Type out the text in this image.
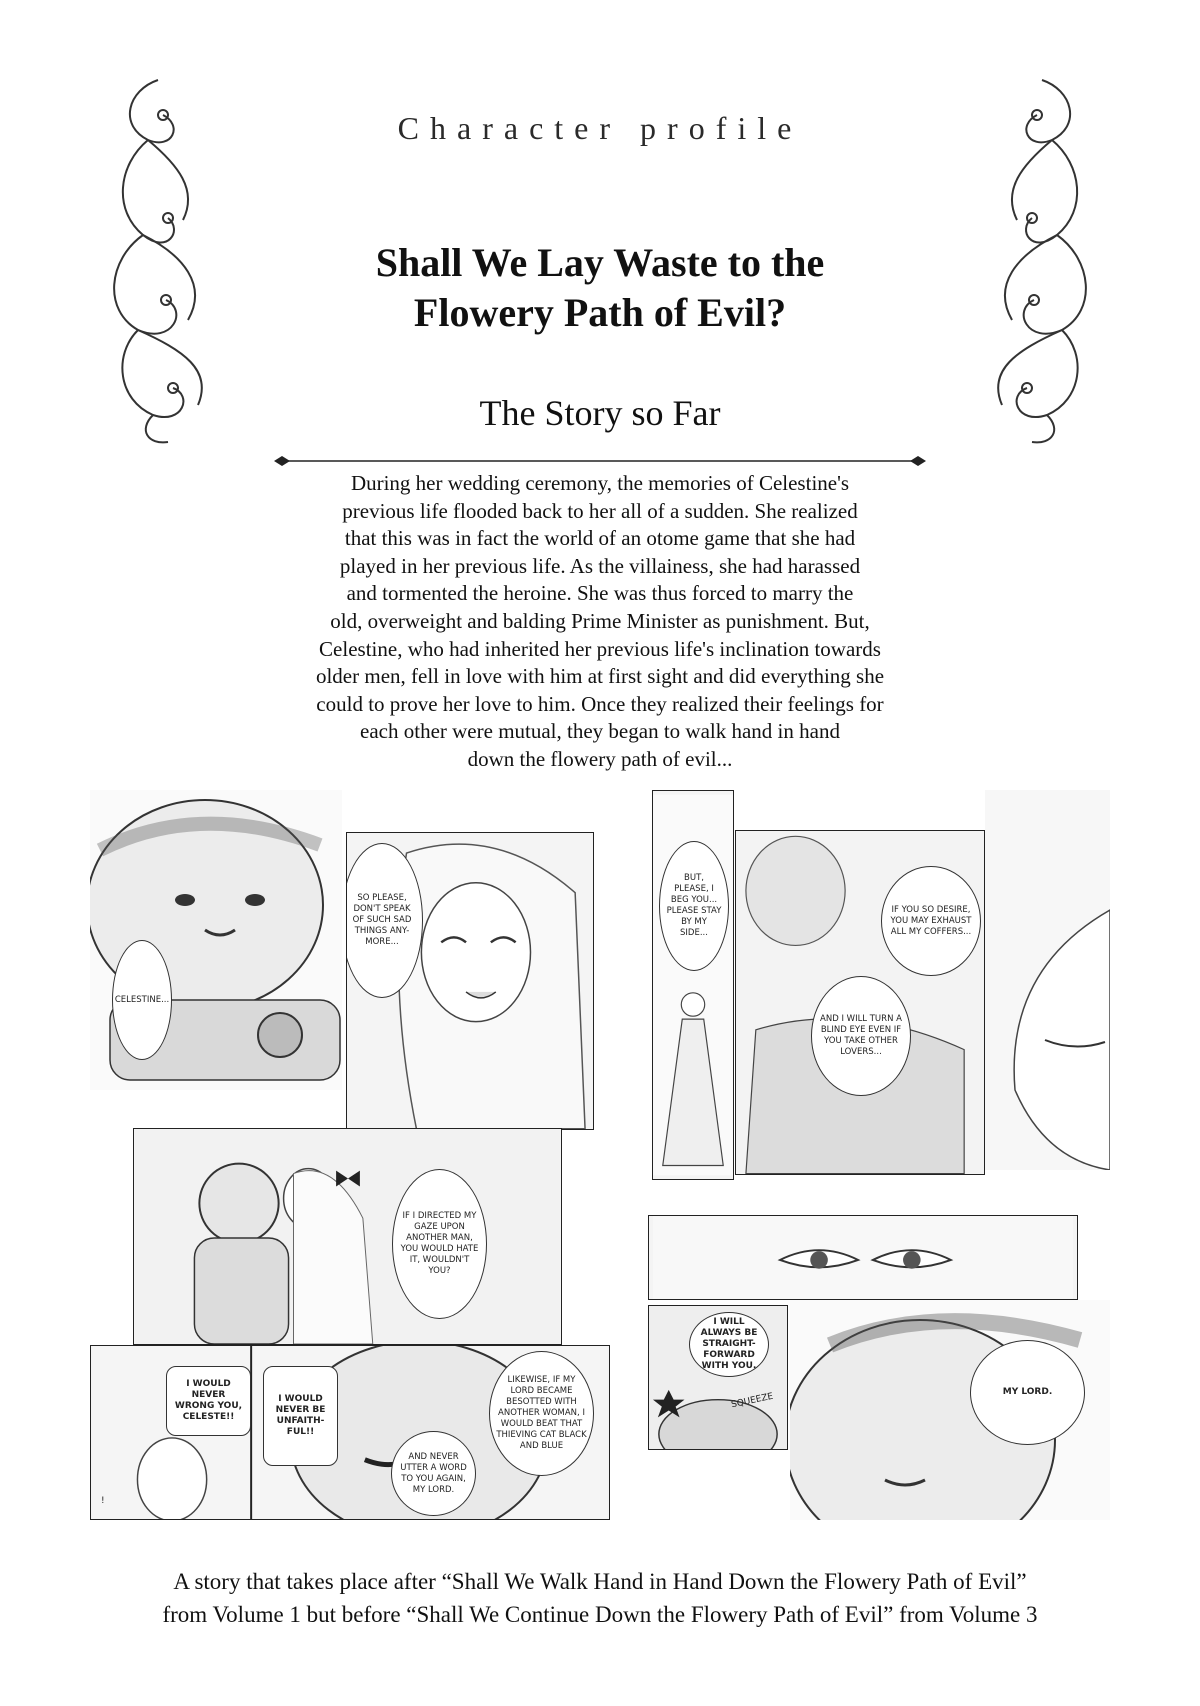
Character profile
Shall We Lay Waste to the
Flowery Path of Evil?
The Story so Far
During her wedding ceremony, the memories of Celestine's
previous life flooded back to her all of a sudden. She realized
that this was in fact the world of an otome game that she had
played in her previous life. As the villainess, she had harassed
and tormented the heroine. She was thus forced to marry the
old, overweight and balding Prime Minister as punishment. But,
Celestine, who had inherited her previous life's inclination towards
older men, fell in love with him at first sight and did everything she
could to prove her love to him. Once they realized their feelings for
each other were mutual, they began to walk hand in hand
down the flowery path of evil...
CELESTINE...
SO PLEASE, DON'T SPEAK OF SUCH SAD THINGS ANY-MORE...
IF I DIRECTED MY GAZE UPON ANOTHER MAN, YOU WOULD HATE IT, WOULDN'T YOU?
I WOULD NEVER WRONG YOU, CELESTE!!
I WOULD NEVER BE UNFAITH-FUL!!
AND NEVER UTTER A WORD TO YOU AGAIN, MY LORD.
LIKEWISE, IF MY LORD BECAME BESOTTED WITH ANOTHER WOMAN, I WOULD BEAT THAT THIEVING CAT BLACK AND BLUE
!
BUT, PLEASE, I BEG YOU... PLEASE STAY BY MY SIDE...
IF YOU SO DESIRE, YOU MAY EXHAUST ALL MY COFFERS...
AND I WILL TURN A BLIND EYE EVEN IF YOU TAKE OTHER LOVERS...
I WILL ALWAYS BE STRAIGHT-FORWARD WITH YOU.
SQUEEZE	MY LORD.
A story that takes place after “Shall We Walk Hand in Hand Down the Flowery Path of Evil”
from Volume 1 but before “Shall We Continue Down the Flowery Path of Evil” from Volume 3
